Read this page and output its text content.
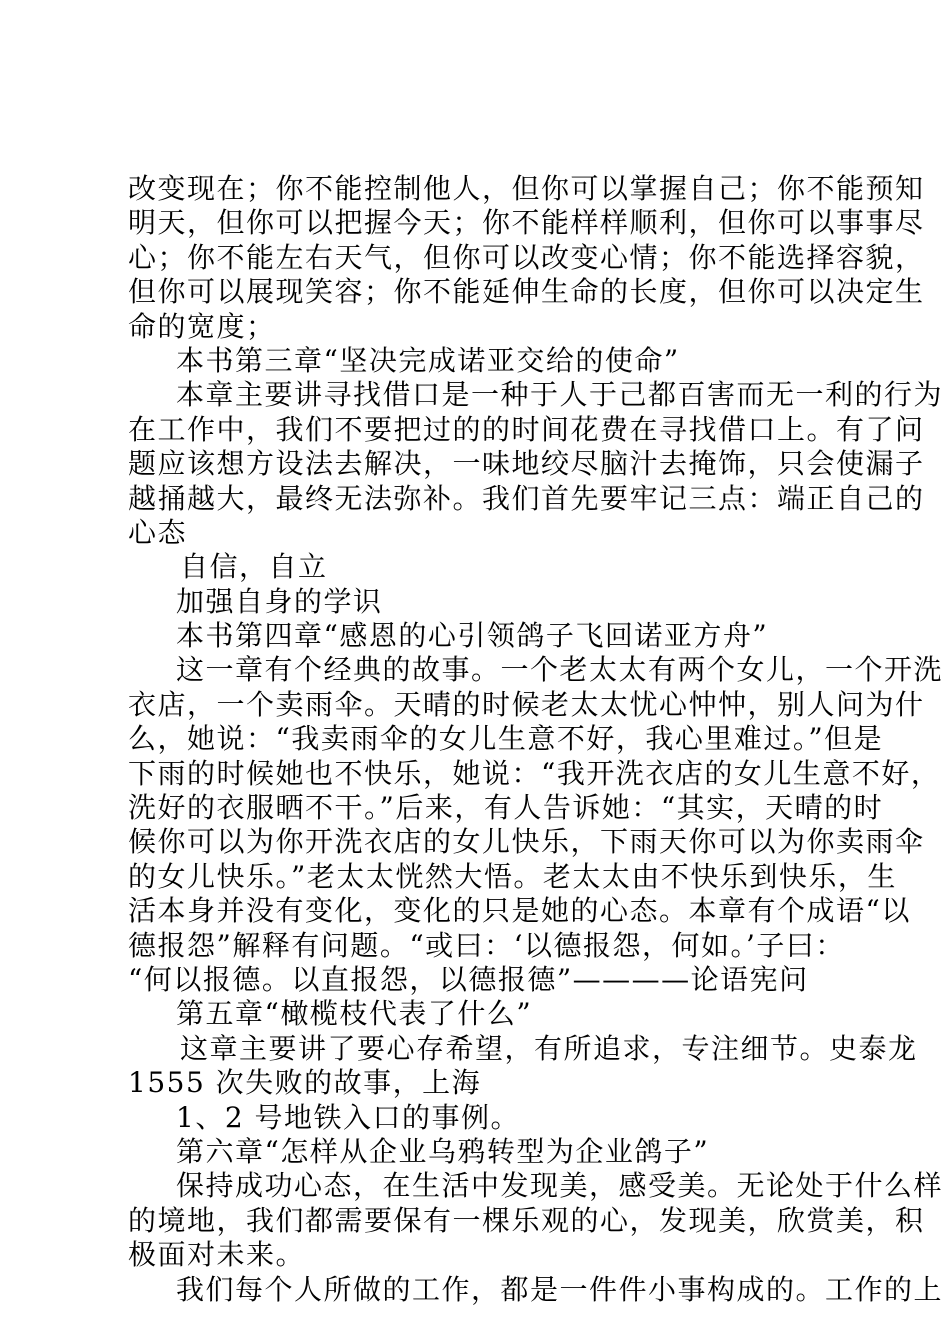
改变现在；你不能控制他人，但你可以掌握自己；你不能预知
明天，但你可以把握今天；你不能样样顺利，但你可以事事尽
心；你不能左右天气，但你可以改变心情；你不能选择容貌，
但你可以展现笑容；你不能延伸生命的长度，但你可以决定生
命的宽度；
本书第三章“坚决完成诺亚交给的使命”
本章主要讲寻找借口是一种于人于己都百害而无一利的行为
在工作中，我们不要把过的的时间花费在寻找借口上。有了问
题应该想方设法去解决，一味地绞尽脑汁去掩饰，只会使漏子
越捅越大，最终无法弥补。我们首先要牢记三点：端正自己的
心态
自信，自立
加强自身的学识
本书第四章“感恩的心引领鸽子飞回诺亚方舟”
这一章有个经典的故事。一个老太太有两个女儿，一个开洗
衣店，一个卖雨伞。天晴的时候老太太忧心忡忡，别人问为什
么，她说：“我卖雨伞的女儿生意不好，我心里难过。”但是
下雨的时候她也不快乐，她说：“我开洗衣店的女儿生意不好，
洗好的衣服晒不干。”后来，有人告诉她：“其实，天晴的时
候你可以为你开洗衣店的女儿快乐，下雨天你可以为你卖雨伞
的女儿快乐。”老太太恍然大悟。老太太由不快乐到快乐，生
活本身并没有变化，变化的只是她的心态。本章有个成语“以
德报怨”解释有问题。“或曰：‘以德报怨，何如。’子曰：
“何以报德。以直报怨，以德报德”————论语宪问
第五章“橄榄枝代表了什么”
这章主要讲了要心存希望，有所追求，专注细节。史泰龙
1555 次失败的故事，上海
1、2 号地铁入口的事例。
第六章“怎样从企业乌鸦转型为企业鸽子”
保持成功心态，在生活中发现美，感受美。无论处于什么样
的境地，我们都需要保有一棵乐观的心，发现美，欣赏美，积
极面对未来。
我们每个人所做的工作，都是一件件小事构成的。工作的上
